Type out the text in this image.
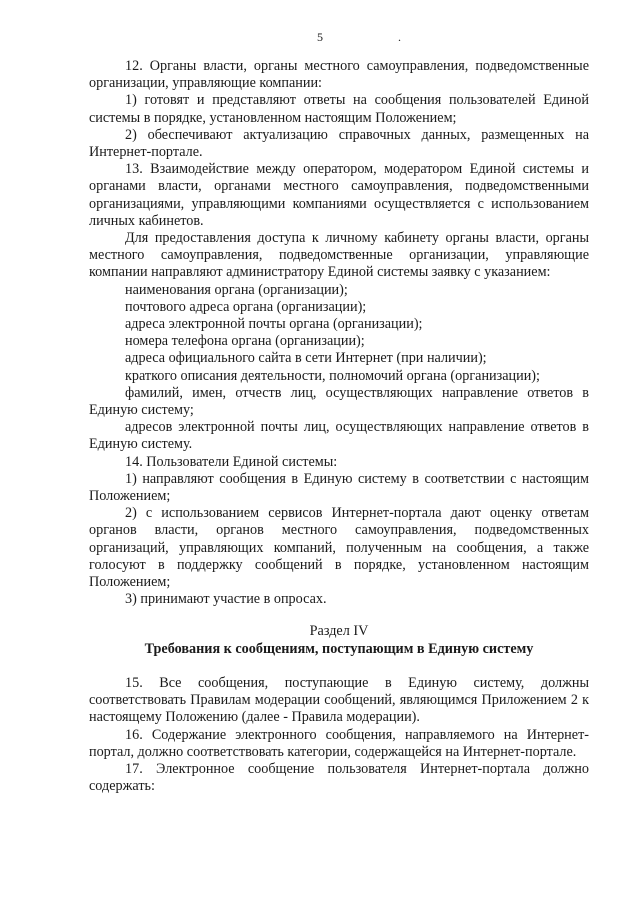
5	.

12. Органы власти, органы местного самоуправления, подведомственные организации, управляющие компании:

1) готовят и представляют ответы на сообщения пользователей Единой системы в порядке, установленном настоящим Положением;

2) обеспечивают актуализацию справочных данных, размещенных на Интернет-портале.

13. Взаимодействие между оператором, модератором Единой системы и органами власти, органами местного самоуправления, подведомственными организациями, управляющими компаниями осуществляется с использованием личных кабинетов.

Для предоставления доступа к личному кабинету органы власти, органы местного самоуправления, подведомственные организации, управляющие компании направляют администратору Единой системы заявку с указанием:

наименования органа (организации);

почтового адреса органа (организации);

адреса электронной почты органа (организации);

номера телефона органа (организации);

адреса официального сайта в сети Интернет (при наличии);

краткого описания деятельности, полномочий органа (организации);

фамилий, имен, отчеств лиц, осуществляющих направление ответов в Единую систему;

адресов электронной почты лиц, осуществляющих направление ответов в Единую систему.

14. Пользователи Единой системы:

1) направляют сообщения в Единую систему в соответствии с настоящим Положением;

2) с использованием сервисов Интернет-портала дают оценку ответам органов власти, органов местного самоуправления, подведомственных организаций, управляющих компаний, полученным на сообщения, а также голосуют в поддержку сообщений в порядке, установленном настоящим Положением;

3) принимают участие в опросах.

Раздел IV

Требования к сообщениям, поступающим в Единую систему

15. Все сообщения, поступающие в Единую систему, должны соответствовать Правилам модерации сообщений, являющимся Приложением 2 к настоящему Положению (далее - Правила модерации).

16. Содержание электронного сообщения, направляемого на Интернет-портал, должно соответствовать категории, содержащейся на Интернет-портале.

17. Электронное сообщение пользователя Интернет-портала должно содержать:
